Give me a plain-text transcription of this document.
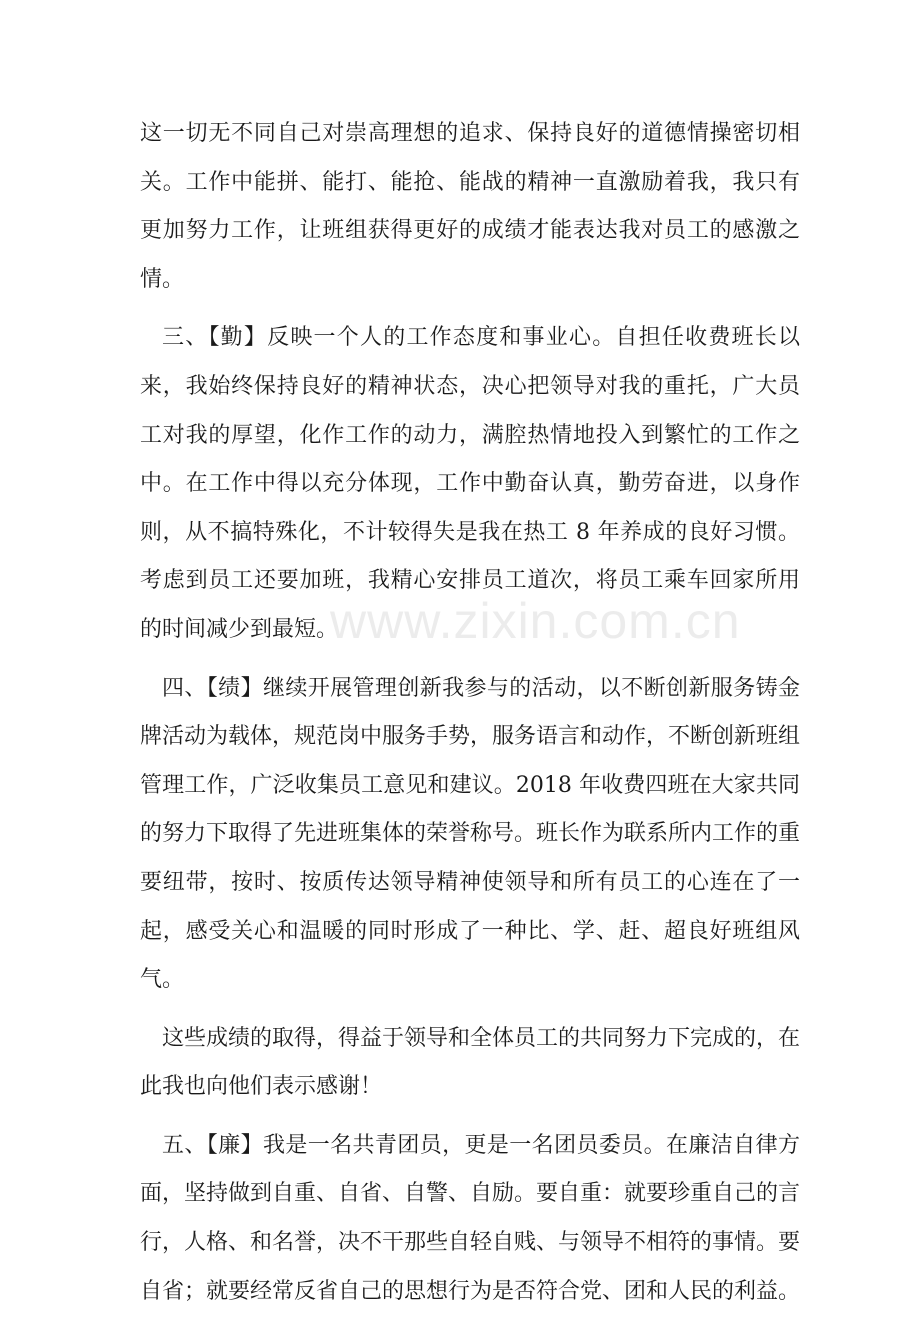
这一切无不同自己对崇高理想的追求、保持良好的道德情操密切相关。工作中能拼、能打、能抢、能战的精神一直激励着我，我只有更加努力工作，让班组获得更好的成绩才能表达我对员工的感激之情。
三、【勤】反映一个人的工作态度和事业心。自担任收费班长以来，我始终保持良好的精神状态，决心把领导对我的重托，广大员工对我的厚望，化作工作的动力，满腔热情地投入到繁忙的工作之中。在工作中得以充分体现，工作中勤奋认真，勤劳奋进，以身作则，从不搞特殊化，不计较得失是我在热工 8 年养成的良好习惯。考虑到员工还要加班，我精心安排员工道次，将员工乘车回家所用的时间减少到最短。
四、【绩】继续开展管理创新我参与的活动，以不断创新服务铸金牌活动为载体，规范岗中服务手势，服务语言和动作，不断创新班组管理工作，广泛收集员工意见和建议。2018 年收费四班在大家共同的努力下取得了先进班集体的荣誉称号。班长作为联系所内工作的重要纽带，按时、按质传达领导精神使领导和所有员工的心连在了一起，感受关心和温暖的同时形成了一种比、学、赶、超良好班组风气。
这些成绩的取得，得益于领导和全体员工的共同努力下完成的，在此我也向他们表示感谢！
五、【廉】我是一名共青团员，更是一名团员委员。在廉洁自律方面，坚持做到自重、自省、自警、自励。要自重：就要珍重自己的言行，人格、和名誉，决不干那些自轻自贱、与领导不相符的事情。要自省；就要经常反省自己的思想行为是否符合党、团和人民的利益。
www.zixin.com.cn
